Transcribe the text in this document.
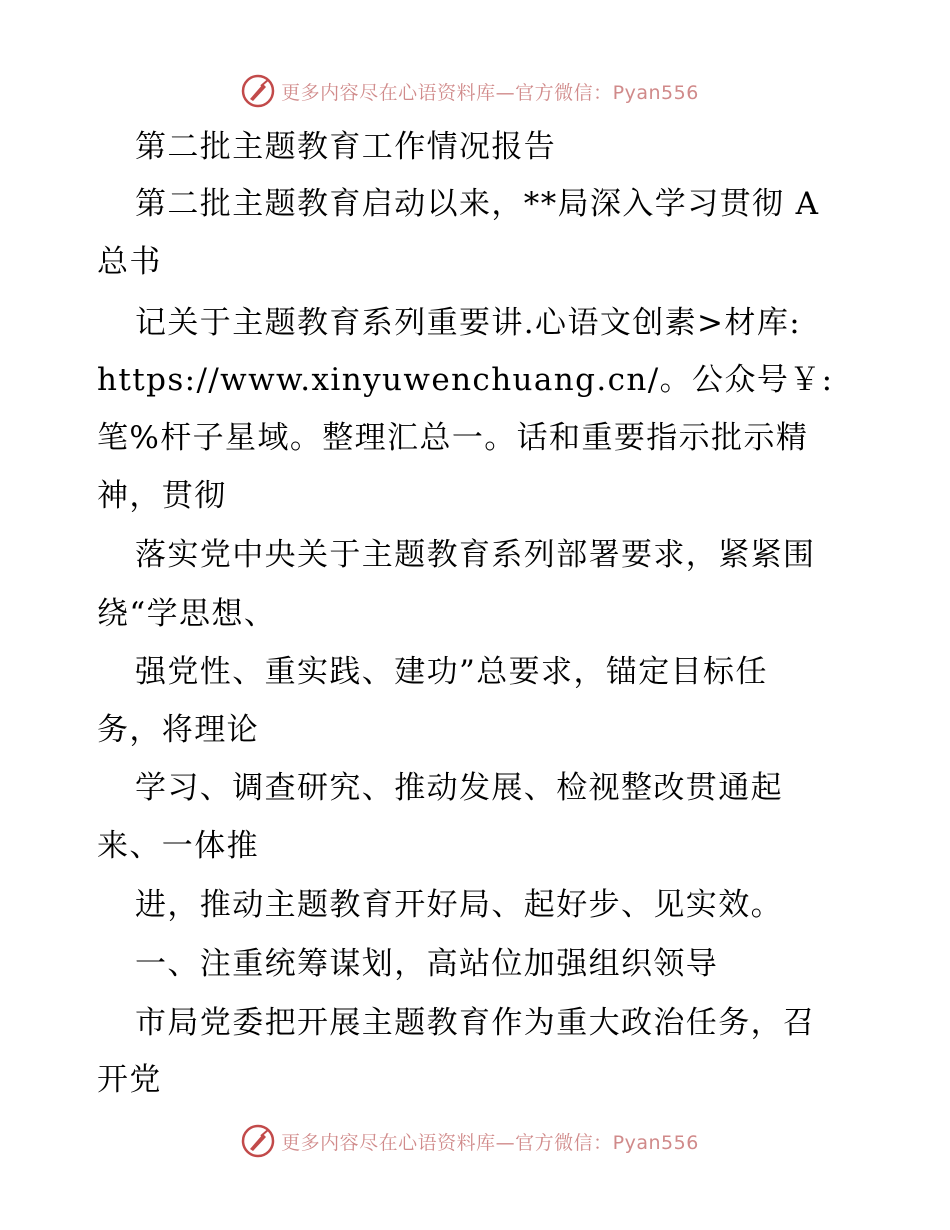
更多内容尽在心语资料库—官方微信：Pyan556
第二批主题教育工作情况报告
第二批主题教育启动以来，**局深入学习贯彻 A
总书
记关于主题教育系列重要讲.心语文创素>材库:
https://www.xinyuwenchuang.cn/。公众号￥:
笔%杆子星域。整理汇总一。话和重要指示批示精
神，贯彻
落实党中央关于主题教育系列部署要求，紧紧围
绕“学思想、
强党性、重实践、建功”总要求，锚定目标任
务，将理论
学习、调查研究、推动发展、检视整改贯通起
来、一体推
进，推动主题教育开好局、起好步、见实效。
一、注重统筹谋划，高站位加强组织领导
市局党委把开展主题教育作为重大政治任务，召
开党
更多内容尽在心语资料库—官方微信：Pyan556
